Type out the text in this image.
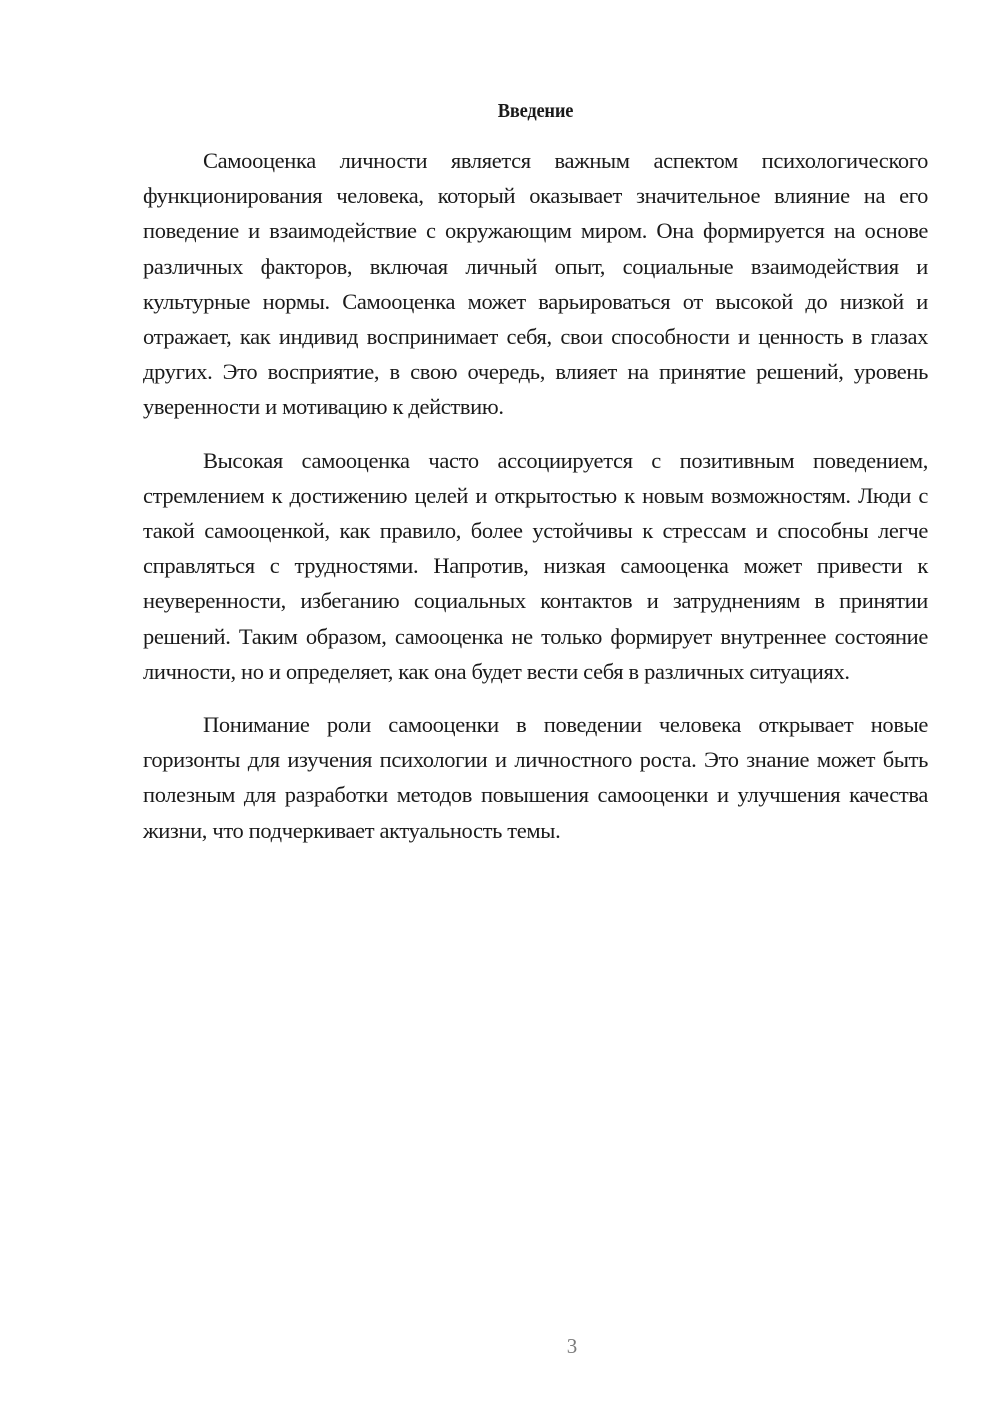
Введение

Самооценка личности является важным аспектом психологического функционирования человека, который оказывает значительное влияние на его поведение и взаимодействие с окружающим миром. Она формируется на основе различных факторов, включая личный опыт, социальные взаимодействия и культурные нормы. Самооценка может варьироваться от высокой до низкой и отражает, как индивид воспринимает себя, свои способности и ценность в глазах других. Это восприятие, в свою очередь, влияет на принятие решений, уровень уверенности и мотивацию к действию.

Высокая самооценка часто ассоциируется с позитивным поведением, стремлением к достижению целей и открытостью к новым возможностям. Люди с такой самооценкой, как правило, более устойчивы к стрессам и способны легче справляться с трудностями. Напротив, низкая самооценка может привести к неуверенности, избеганию социальных контактов и затруднениям в принятии решений. Таким образом, самооценка не только формирует внутреннее состояние личности, но и определяет, как она будет вести себя в различных ситуациях.

Понимание роли самооценки в поведении человека открывает новые горизонты для изучения психологии и личностного роста. Это знание может быть полезным для разработки методов повышения самооценки и улучшения качества жизни, что подчеркивает актуальность темы.

3
